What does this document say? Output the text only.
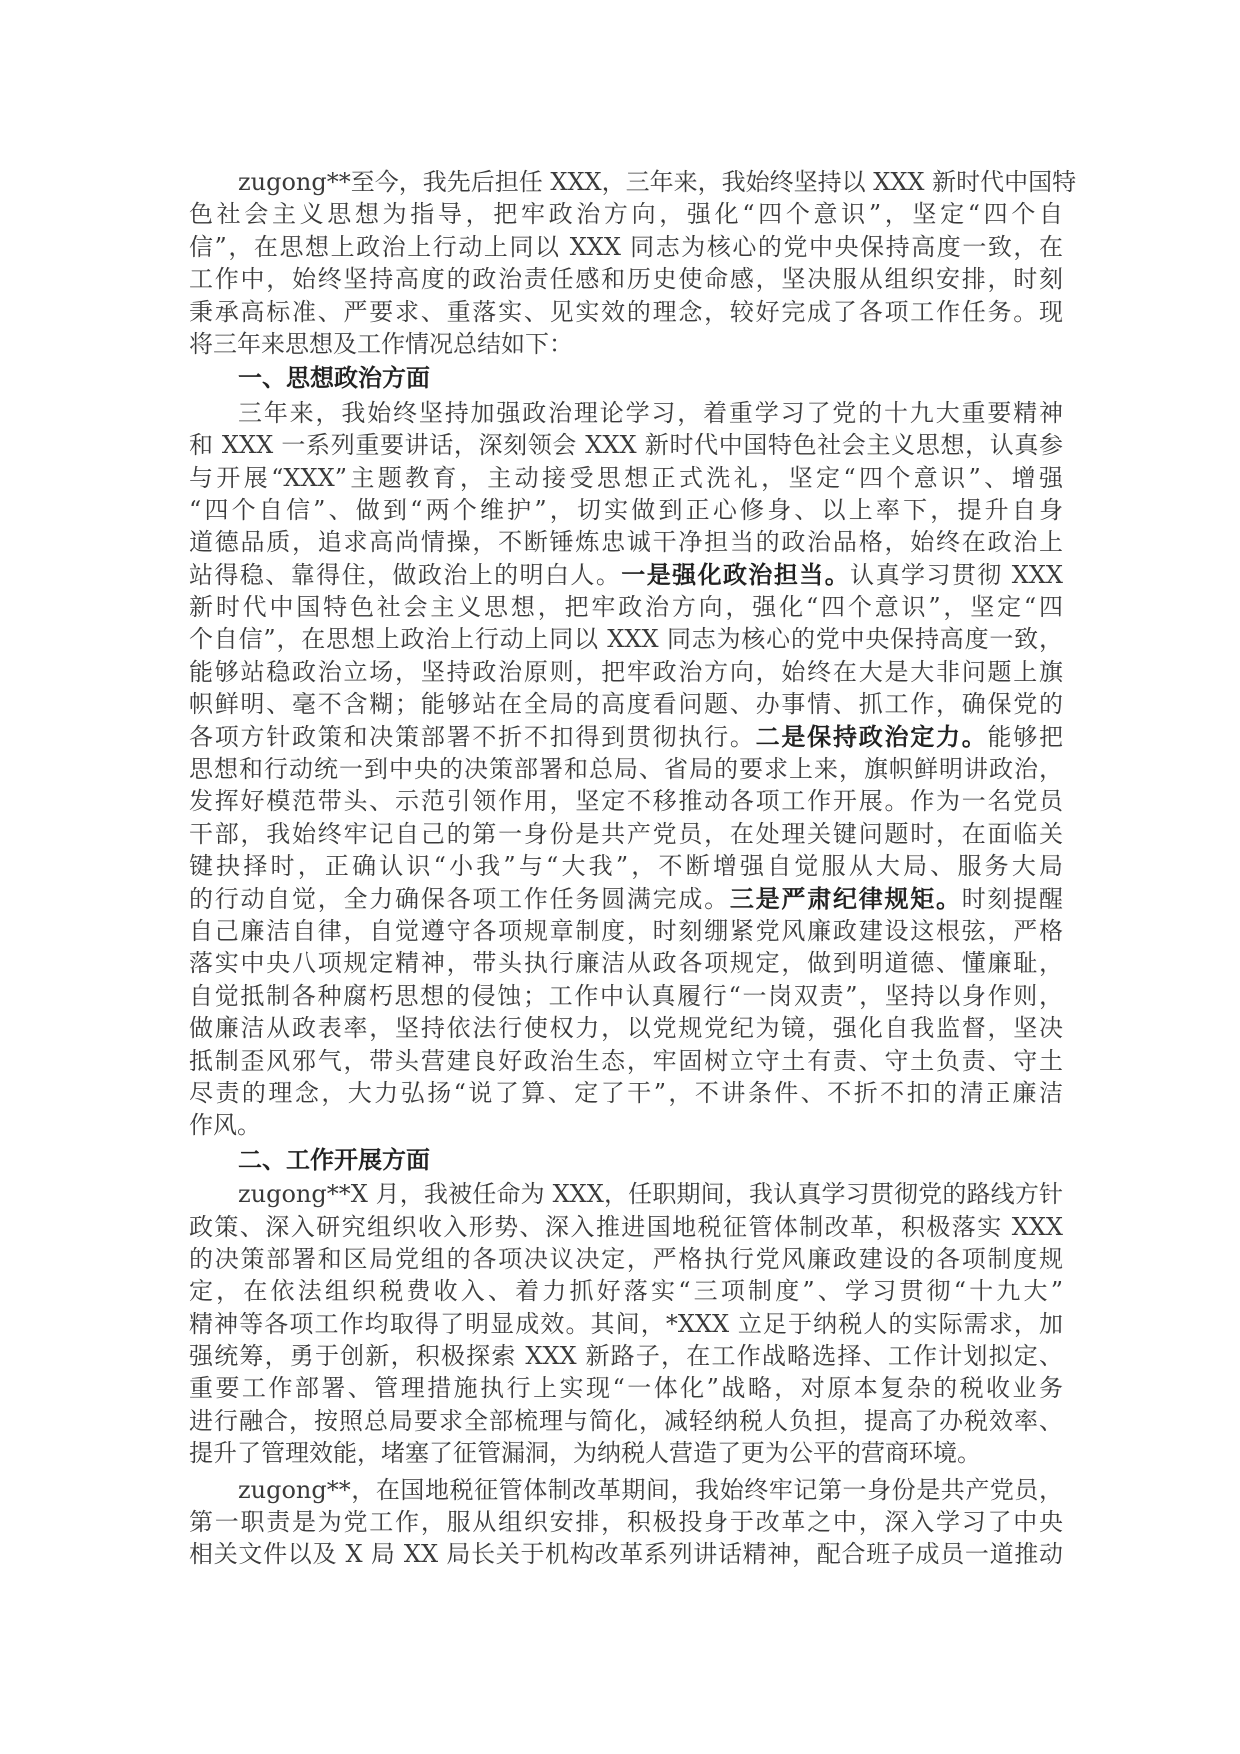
zugong**至今，我先后担任 XXX，三年来，我始终坚持以 XXX 新时代中国特
色社会主义思想为指导，把牢政治方向，强化“四个意识”，坚定“四个自
信”，在思想上政治上行动上同以 XXX 同志为核心的党中央保持高度一致，在
工作中，始终坚持高度的政治责任感和历史使命感，坚决服从组织安排，时刻
秉承高标准、严要求、重落实、见实效的理念，较好完成了各项工作任务。现
将三年来思想及工作情况总结如下：
一、思想政治方面
三年来，我始终坚持加强政治理论学习，着重学习了党的十九大重要精神
和 XXX 一系列重要讲话，深刻领会 XXX 新时代中国特色社会主义思想，认真参
与开展“XXX”主题教育，主动接受思想正式洗礼，坚定“四个意识”、增强
“四个自信”、做到“两个维护”，切实做到正心修身、以上率下，提升自身
道德品质，追求高尚情操，不断锤炼忠诚干净担当的政治品格，始终在政治上
站得稳、靠得住，做政治上的明白人。一是强化政治担当。认真学习贯彻 XXX
新时代中国特色社会主义思想，把牢政治方向，强化“四个意识”，坚定“四
个自信”，在思想上政治上行动上同以 XXX 同志为核心的党中央保持高度一致，
能够站稳政治立场，坚持政治原则，把牢政治方向，始终在大是大非问题上旗
帜鲜明、毫不含糊；能够站在全局的高度看问题、办事情、抓工作，确保党的
各项方针政策和决策部署不折不扣得到贯彻执行。二是保持政治定力。能够把
思想和行动统一到中央的决策部署和总局、省局的要求上来，旗帜鲜明讲政治，
发挥好模范带头、示范引领作用，坚定不移推动各项工作开展。作为一名党员
干部，我始终牢记自己的第一身份是共产党员，在处理关键问题时，在面临关
键抉择时，正确认识“小我”与“大我”，不断增强自觉服从大局、服务大局
的行动自觉，全力确保各项工作任务圆满完成。三是严肃纪律规矩。时刻提醒
自己廉洁自律，自觉遵守各项规章制度，时刻绷紧党风廉政建设这根弦，严格
落实中央八项规定精神，带头执行廉洁从政各项规定，做到明道德、懂廉耻，
自觉抵制各种腐朽思想的侵蚀；工作中认真履行“一岗双责”，坚持以身作则，
做廉洁从政表率，坚持依法行使权力，以党规党纪为镜，强化自我监督，坚决
抵制歪风邪气，带头营建良好政治生态，牢固树立守土有责、守土负责、守土
尽责的理念，大力弘扬“说了算、定了干”，不讲条件、不折不扣的清正廉洁
作风。
二、工作开展方面
zugong**X 月，我被任命为 XXX，任职期间，我认真学习贯彻党的路线方针
政策、深入研究组织收入形势、深入推进国地税征管体制改革，积极落实 XXX
的决策部署和区局党组的各项决议决定，严格执行党风廉政建设的各项制度规
定，在依法组织税费收入、着力抓好落实“三项制度”、学习贯彻“十九大”
精神等各项工作均取得了明显成效。其间，*XXX 立足于纳税人的实际需求，加
强统筹，勇于创新，积极探索 XXX 新路子，在工作战略选择、工作计划拟定、
重要工作部署、管理措施执行上实现“一体化”战略，对原本复杂的税收业务
进行融合，按照总局要求全部梳理与简化，减轻纳税人负担，提高了办税效率、
提升了管理效能，堵塞了征管漏洞，为纳税人营造了更为公平的营商环境。
zugong**，在国地税征管体制改革期间，我始终牢记第一身份是共产党员，
第一职责是为党工作，服从组织安排，积极投身于改革之中，深入学习了中央
相关文件以及 X 局 XX 局长关于机构改革系列讲话精神，配合班子成员一道推动
